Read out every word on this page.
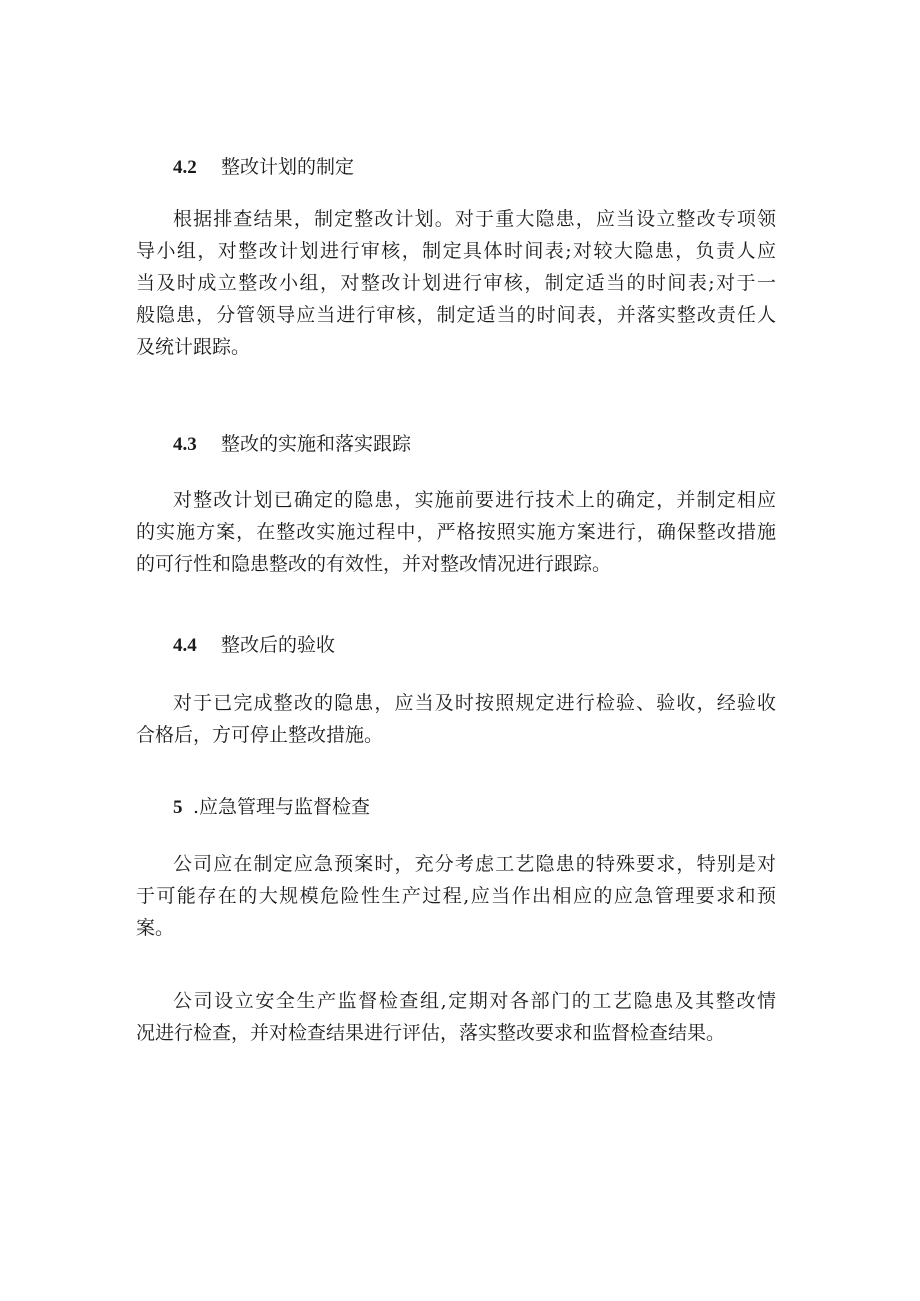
4.2 整改计划的制定
根据排查结果，制定整改计划。对于重大隐患，应当设立整改专项领
导小组，对整改计划进行审核，制定具体时间表;对较大隐患，负责人应
当及时成立整改小组，对整改计划进行审核，制定适当的时间表;对于一
般隐患，分管领导应当进行审核，制定适当的时间表，并落实整改责任人
及统计跟踪。
4.3 整改的实施和落实跟踪
对整改计划已确定的隐患，实施前要进行技术上的确定，并制定相应
的实施方案，在整改实施过程中，严格按照实施方案进行，确保整改措施
的可行性和隐患整改的有效性，并对整改情况进行跟踪。
4.4 整改后的验收
对于已完成整改的隐患，应当及时按照规定进行检验、验收，经验收
合格后，方可停止整改措施。
5 .应急管理与监督检查
公司应在制定应急预案时，充分考虑工艺隐患的特殊要求，特别是对
于可能存在的大规模危险性生产过程,应当作出相应的应急管理要求和预
案。
公司设立安全生产监督检查组,定期对各部门的工艺隐患及其整改情
况进行检查，并对检查结果进行评估，落实整改要求和监督检查结果。
